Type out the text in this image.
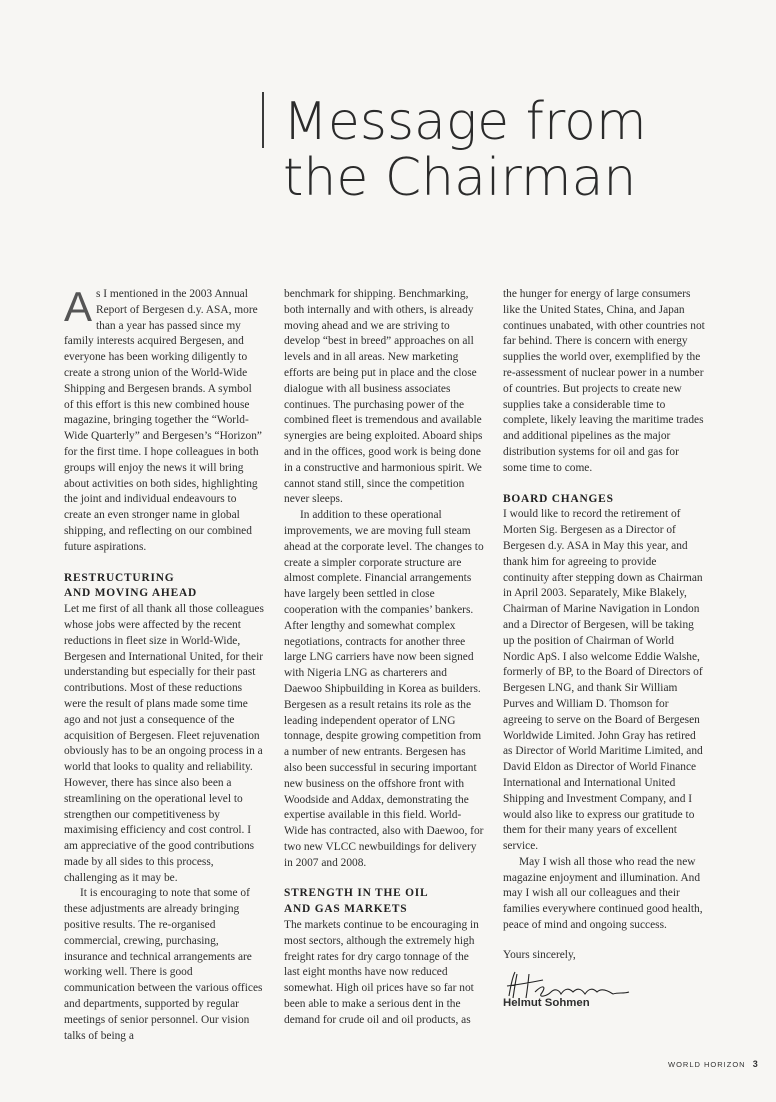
Message from
the Chairman

As I mentioned in the 2003 Annual Report of Bergesen d.y. ASA, more than a year has passed since my family interests acquired Bergesen, and everyone has been working diligently to create a strong union of the World-Wide Shipping and Bergesen brands. A symbol of this effort is this new combined house magazine, bringing together the “World-Wide Quarterly” and Bergesen’s “Horizon” for the first time. I hope colleagues in both groups will enjoy the news it will bring about activities on both sides, highlighting the joint and individual endeavours to create an even stronger name in global shipping, and reflecting on our combined future aspirations.

RESTRUCTURING
AND MOVING AHEAD

Let me first of all thank all those colleagues whose jobs were affected by the recent reductions in fleet size in World-Wide, Bergesen and International United, for their understanding but especially for their past contributions. Most of these reductions were the result of plans made some time ago and not just a consequence of the acquisition of Bergesen. Fleet rejuvenation obviously has to be an ongoing process in a world that looks to quality and reliability. However, there has since also been a streamlining on the operational level to strengthen our competitiveness by maximising efficiency and cost control. I am appreciative of the good contributions made by all sides to this process, challenging as it may be.

It is encouraging to note that some of these adjustments are already bringing positive results. The re-organised commercial, crewing, purchasing, insurance and technical arrangements are working well. There is good communication between the various offices and departments, supported by regular meetings of senior personnel. Our vision talks of being a

benchmark for shipping. Benchmarking, both internally and with others, is already moving ahead and we are striving to develop “best in breed” approaches on all levels and in all areas. New marketing efforts are being put in place and the close dialogue with all business associates continues. The purchasing power of the combined fleet is tremendous and available synergies are being exploited. Aboard ships and in the offices, good work is being done in a constructive and harmonious spirit. We cannot stand still, since the competition never sleeps.

In addition to these operational improvements, we are moving full steam ahead at the corporate level. The changes to create a simpler corporate structure are almost complete. Financial arrangements have largely been settled in close cooperation with the companies’ bankers. After lengthy and somewhat complex negotiations, contracts for another three large LNG carriers have now been signed with Nigeria LNG as charterers and Daewoo Shipbuilding in Korea as builders. Bergesen as a result retains its role as the leading independent operator of LNG tonnage, despite growing competition from a number of new entrants. Bergesen has also been successful in securing important new business on the offshore front with Woodside and Addax, demonstrating the expertise available in this field. World-Wide has contracted, also with Daewoo, for two new VLCC newbuildings for delivery in 2007 and 2008.

STRENGTH IN THE OIL
AND GAS MARKETS

The markets continue to be encouraging in most sectors, although the extremely high freight rates for dry cargo tonnage of the last eight months have now reduced somewhat. High oil prices have so far not been able to make a serious dent in the demand for crude oil and oil products, as

the hunger for energy of large consumers like the United States, China, and Japan continues unabated, with other countries not far behind. There is concern with energy supplies the world over, exemplified by the re-assessment of nuclear power in a number of countries. But projects to create new supplies take a considerable time to complete, likely leaving the maritime trades and additional pipelines as the major distribution systems for oil and gas for some time to come.

BOARD CHANGES

I would like to record the retirement of Morten Sig. Bergesen as a Director of Bergesen d.y. ASA in May this year, and thank him for agreeing to provide continuity after stepping down as Chairman in April 2003. Separately, Mike Blakely, Chairman of Marine Navigation in London and a Director of Bergesen, will be taking up the position of Chairman of World Nordic ApS. I also welcome Eddie Walshe, formerly of BP, to the Board of Directors of Bergesen LNG, and thank Sir William Purves and William D. Thomson for agreeing to serve on the Board of Bergesen Worldwide Limited. John Gray has retired as Director of World Maritime Limited, and David Eldon as Director of World Finance International and International United Shipping and Investment Company, and I would also like to express our gratitude to them for their many years of excellent service.

May I wish all those who read the new magazine enjoyment and illumination. And may I wish all our colleagues and their families everywhere continued good health, peace of mind and ongoing success.

Yours sincerely,

Helmut Sohmen

WORLD HORIZON 3
